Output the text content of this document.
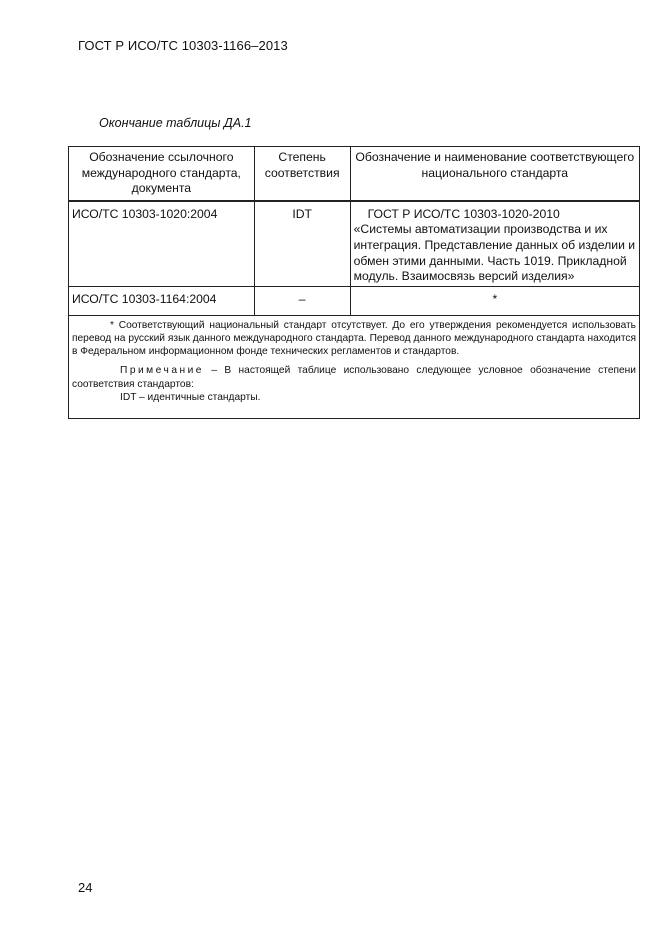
ГОСТ Р ИСО/ТС 10303-1166–2013
Окончание таблицы ДА.1
Обозначение ссылочного международного стандарта, документа	Степень соответствия	Обозначение и наименование соответствующего национального стандарта
ИСО/ТС 10303-1020:2004	IDT	ГОСТ Р ИСО/ТС 10303-1020-2010
«Системы автоматизации производства и их интеграция. Представление данных об изделии и обмен этими данными. Часть 1019. Прикладной модуль. Взаимосвязь версий изделия»

ИСО/ТС 10303-1164:2004	–	*

* Соответствующий национальный стандарт отсутствует. До его утверждения рекомендуется использовать перевод на русский язык данного международного стандарта. Перевод данного международного стандарта находится в Федеральном информационном фонде технических регламентов и стандартов.

Примечание – В настоящей таблице использовано следующее условное обозначение степени соответствия стандартов:

IDT – идентичные стандарты.		
24
